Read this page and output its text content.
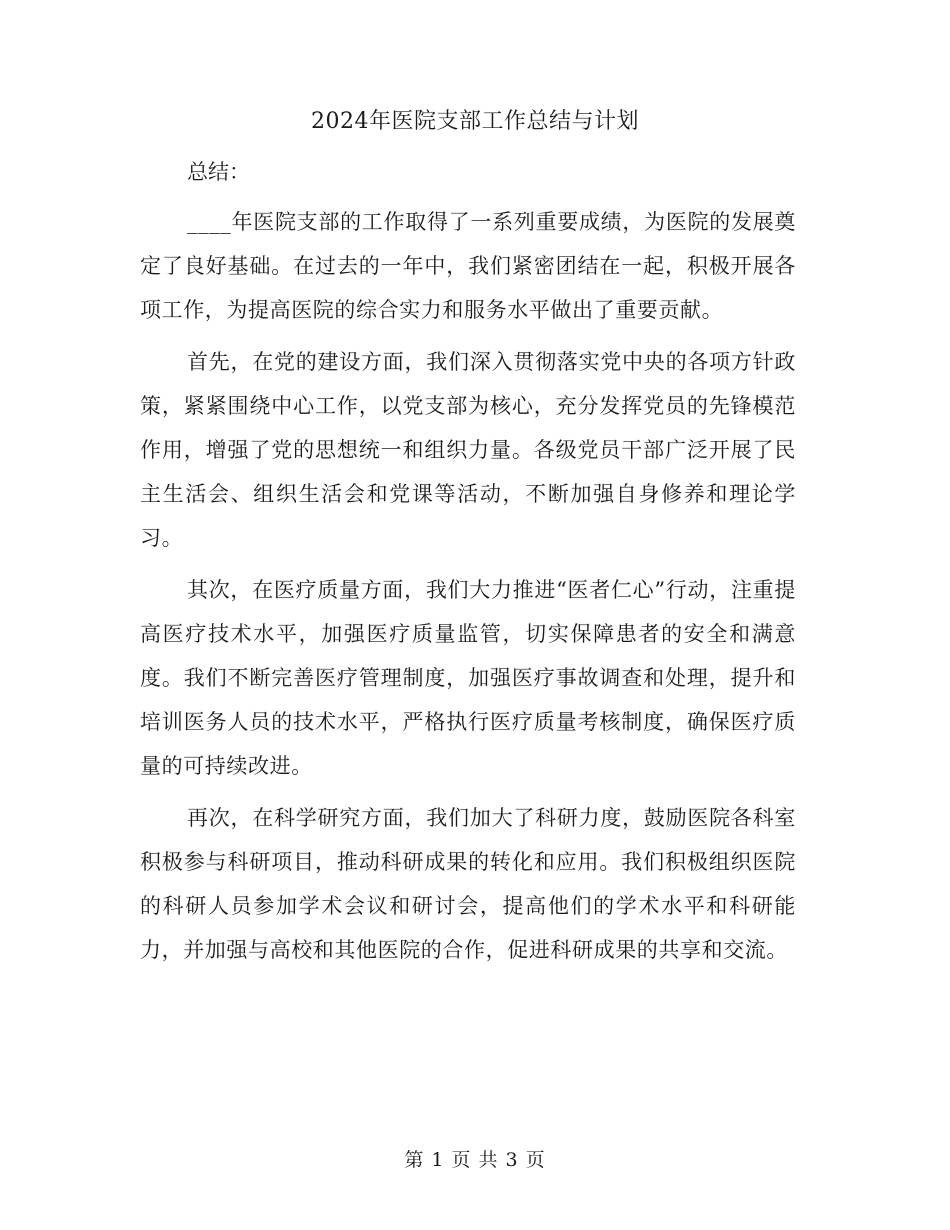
2024年医院支部工作总结与计划

总结：

____年医院支部的工作取得了一系列重要成绩，为医院的发展奠定了良好基础。在过去的一年中，我们紧密团结在一起，积极开展各项工作，为提高医院的综合实力和服务水平做出了重要贡献。

首先，在党的建设方面，我们深入贯彻落实党中央的各项方针政策，紧紧围绕中心工作，以党支部为核心，充分发挥党员的先锋模范作用，增强了党的思想统一和组织力量。各级党员干部广泛开展了民主生活会、组织生活会和党课等活动，不断加强自身修养和理论学习。

其次，在医疗质量方面，我们大力推进“医者仁心”行动，注重提高医疗技术水平，加强医疗质量监管，切实保障患者的安全和满意度。我们不断完善医疗管理制度，加强医疗事故调查和处理，提升和培训医务人员的技术水平，严格执行医疗质量考核制度，确保医疗质量的可持续改进。

再次，在科学研究方面，我们加大了科研力度，鼓励医院各科室积极参与科研项目，推动科研成果的转化和应用。我们积极组织医院的科研人员参加学术会议和研讨会，提高他们的学术水平和科研能力，并加强与高校和其他医院的合作，促进科研成果的共享和交流。

第 1 页 共 3 页
